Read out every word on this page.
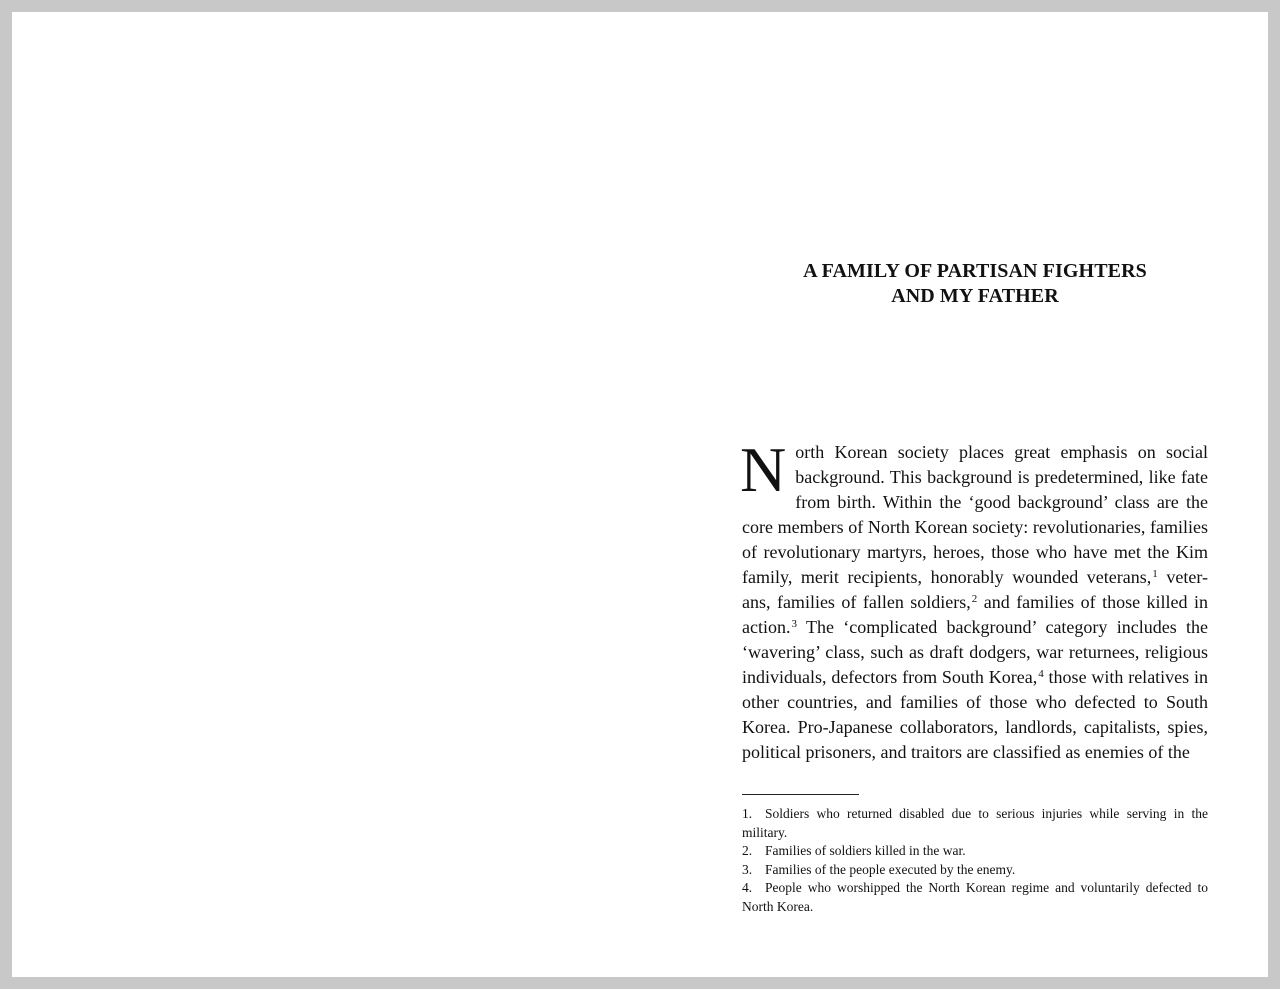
A FAMILY OF PARTISAN FIGHTERS
AND MY FATHER

North Korean society places great emphasis on social background. This background is predetermined, like fate from birth. Within the ‘good background’ class are the core members of North Korean society: revolutionaries, families of revolutionary martyrs, heroes, those who have met the Kim family, merit recipients, honorably wounded veterans,$^1$ veter-ans, families of fallen soldiers,$^2$ and families of those killed in action.$^3$ The ‘complicated background’ category includes the ‘wavering’ class, such as draft dodgers, war returnees, religious individuals, defectors from South Korea,$^4$ those with relatives in other countries, and families of those who defected to South Korea. Pro-Japanese collaborators, landlords, capitalists, spies, political prisoners, and traitors are classified as enemies of the

1. Soldiers who returned disabled due to serious injuries while serving in the military.
2. Families of soldiers killed in the war.
3. Families of the people executed by the enemy.
4. People who worshipped the North Korean regime and voluntarily defected to North Korea.
